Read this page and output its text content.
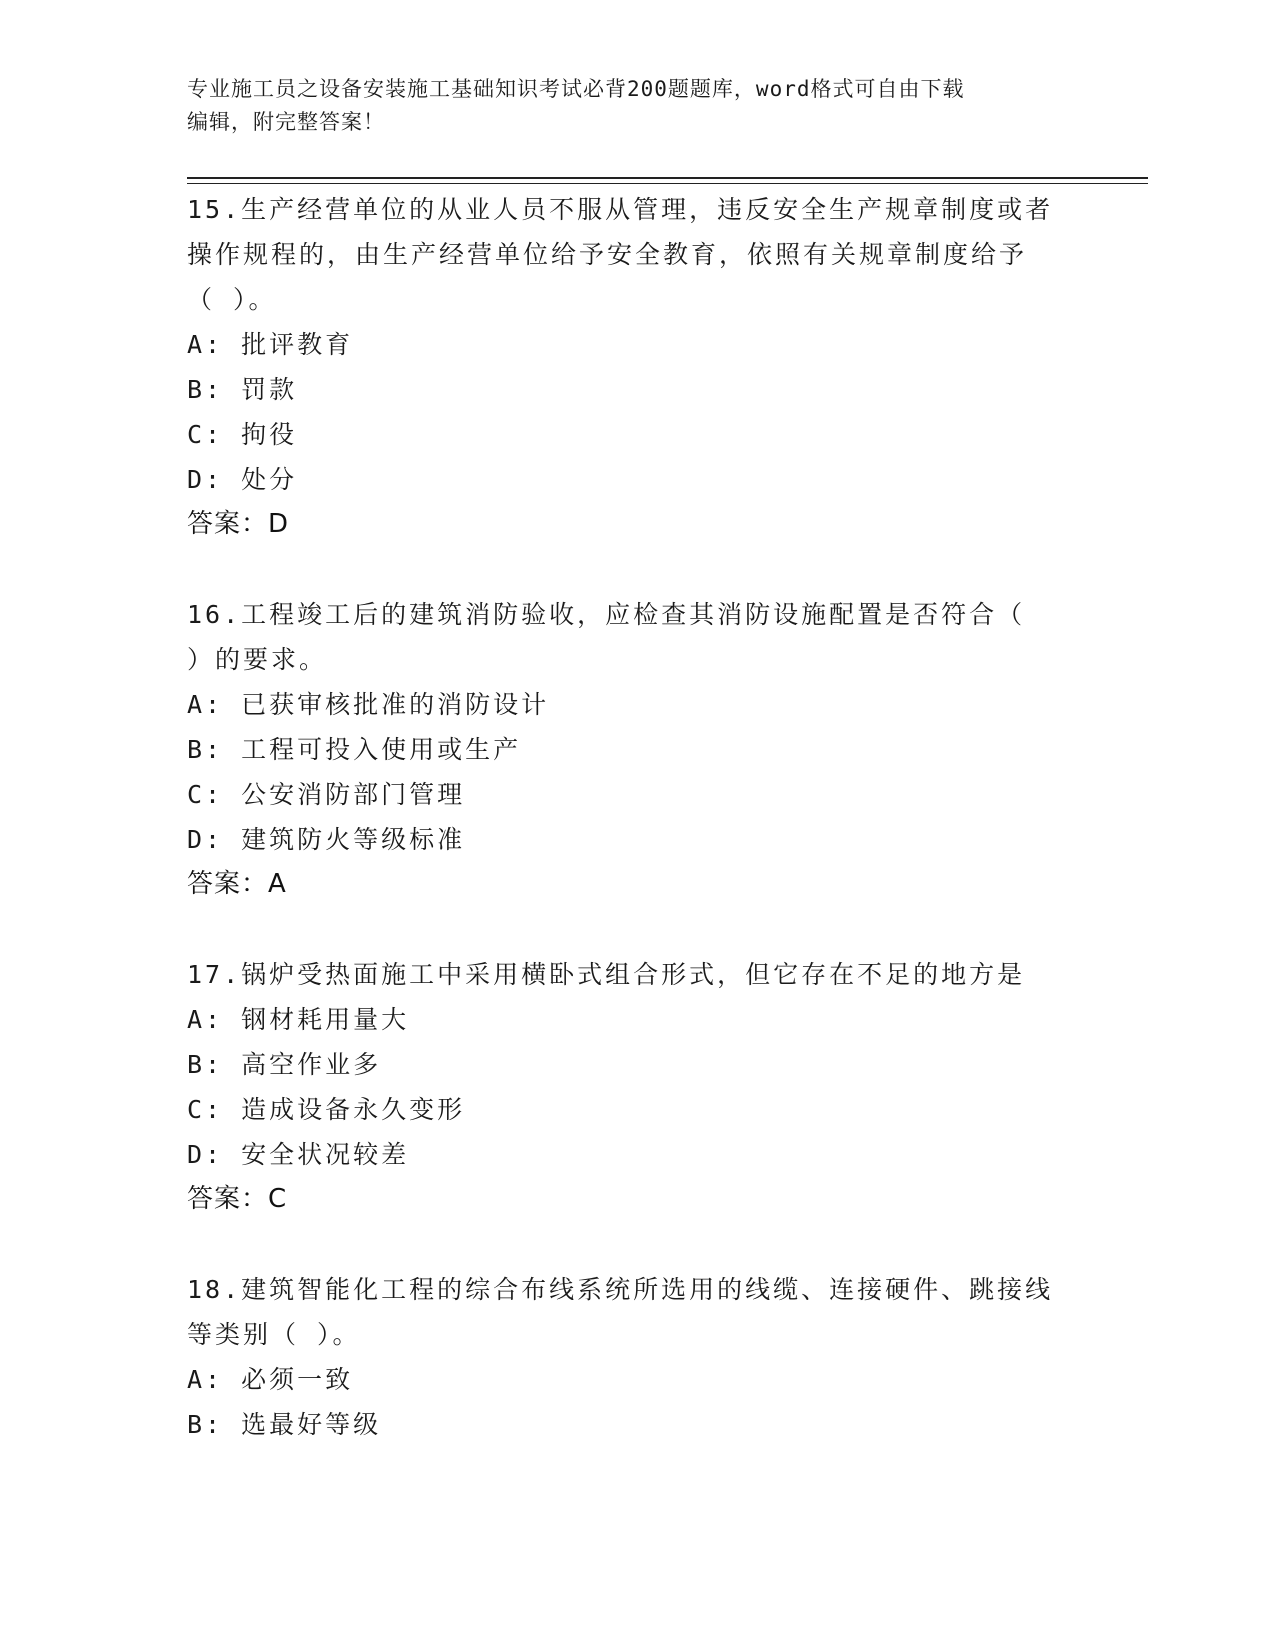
专业施工员之设备安装施工基础知识考试必背200题题库，word格式可自由下载
编辑，附完整答案！
15.生产经营单位的从业人员不服从管理，违反安全生产规章制度或者
操作规程的，由生产经营单位给予安全教育，依照有关规章制度给予
（ ）。
A:
批评教育
B:
罚款
C:
拘役
D:
处分
答案：D
16.工程竣工后的建筑消防验收，应检查其消防设施配置是否符合（
）的要求。
A:
已获审核批准的消防设计
B:
工程可投入使用或生产
C:
公安消防部门管理
D:
建筑防火等级标准
答案：A
17.锅炉受热面施工中采用横卧式组合形式，但它存在不足的地方是
A:
钢材耗用量大
B:
高空作业多
C:
造成设备永久变形
D:
安全状况较差
答案：C
18.建筑智能化工程的综合布线系统所选用的线缆、连接硬件、跳接线
等类别（ ）。
A:
必须一致
B:
选最好等级
